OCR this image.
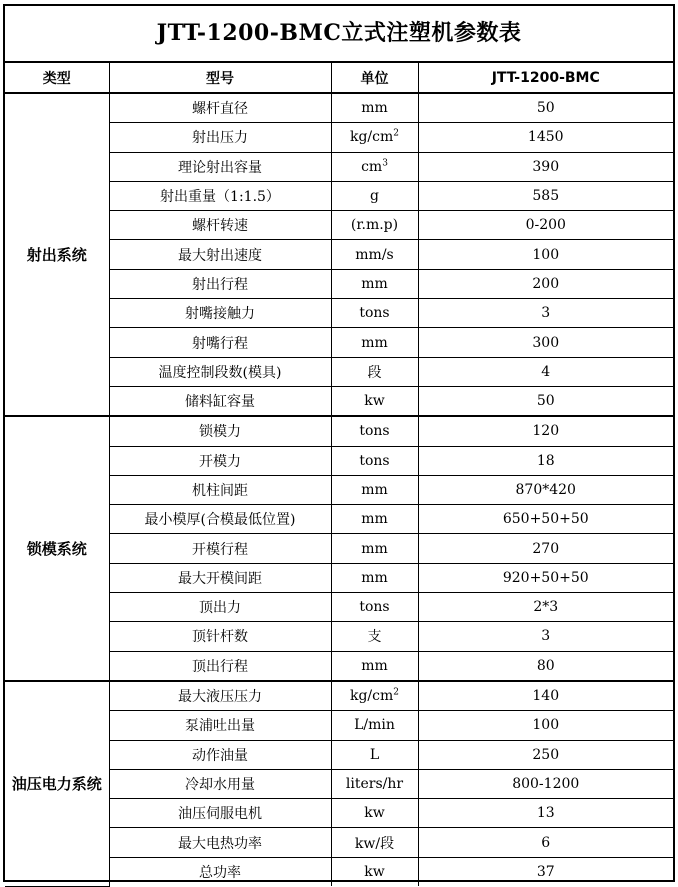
JTT-1200-BMC立式注塑机参数表
类型	型号	单位	JTT-1200-BMC
射出系统	螺杆直径	mm	50
	射出压力	$kg/cm^2$	1450
	理论射出容量	$cm^3$	390
	射出重量（1:1.5）	g	585
	螺杆转速	(r.m.p)	0-200
	最大射出速度	mm/s	100
	射出行程	mm	200
	射嘴接触力	tons	3
	射嘴行程	mm	300
	温度控制段数(模具)	段	4
	储料缸容量	kw	50
锁模系统	锁模力	tons	120
	开模力	tons	18
	机柱间距	mm	870*420
	最小模厚(合模最低位置)	mm	650+50+50
	开模行程	mm	270
	最大开模间距	mm	920+50+50
	顶出力	tons	2*3
	顶针杆数	支	3
	顶出行程	mm	80
油压电力系统	最大液压压力	$kg/cm^2$	140
	泵浦吐出量	L/min	100
	动作油量	L	250
	冷却水用量	liters/hr	800-1200
	油压伺服电机	kw	13
	最大电热功率	kw/段	6
	总功率	kw	37
